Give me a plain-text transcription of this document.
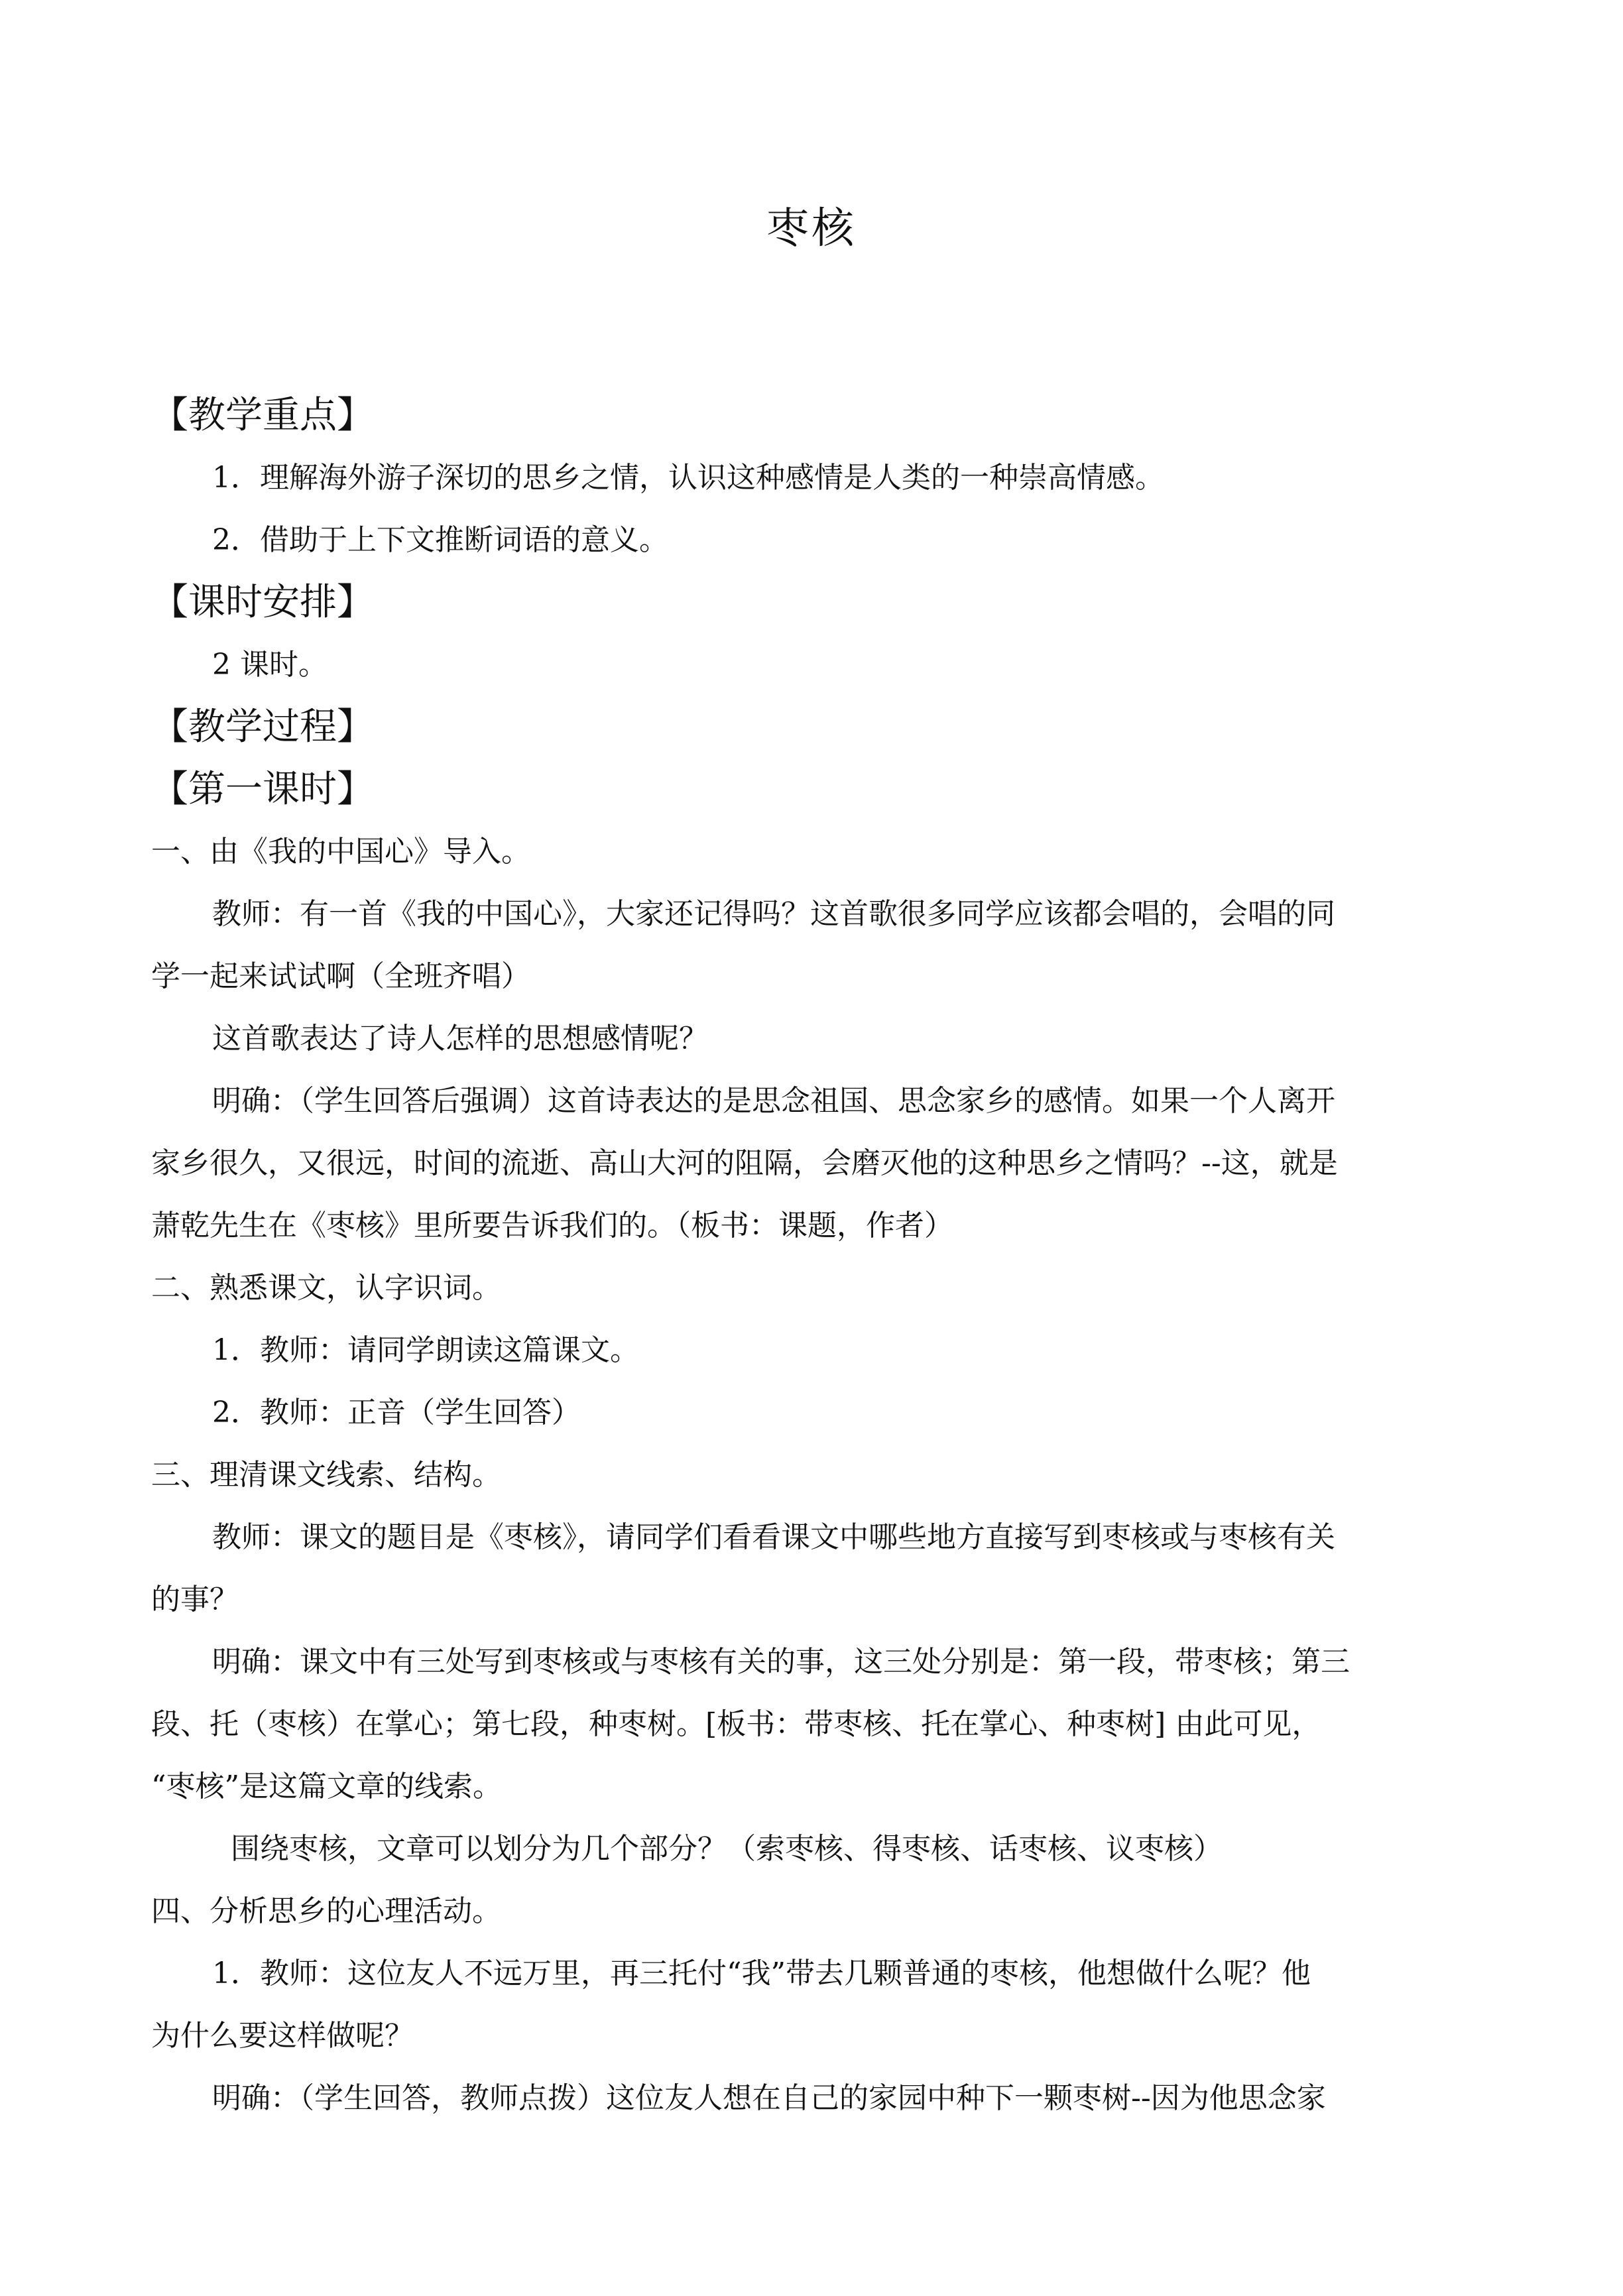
枣核
【教学重点】
1．理解海外游子深切的思乡之情，认识这种感情是人类的一种崇高情感。
2．借助于上下文推断词语的意义。
【课时安排】
2 课时。
【教学过程】
【第一课时】
一、由《我的中国心》导入。
教师：有一首《我的中国心》，大家还记得吗？这首歌很多同学应该都会唱的，会唱的同
学一起来试试啊（全班齐唱）
这首歌表达了诗人怎样的思想感情呢？
明确：（学生回答后强调）这首诗表达的是思念祖国、思念家乡的感情。如果一个人离开
家乡很久，又很远，时间的流逝、高山大河的阻隔，会磨灭他的这种思乡之情吗？--这，就是
萧乾先生在《枣核》里所要告诉我们的。（板书：课题，作者）
二、熟悉课文，认字识词。
1．教师：请同学朗读这篇课文。
2．教师：正音（学生回答）
三、理清课文线索、结构。
教师：课文的题目是《枣核》，请同学们看看课文中哪些地方直接写到枣核或与枣核有关
的事？
明确：课文中有三处写到枣核或与枣核有关的事，这三处分别是：第一段，带枣核；第三
段、托（枣核）在掌心；第七段，种枣树。[板书：带枣核、托在掌心、种枣树] 由此可见，
“枣核”是这篇文章的线索。
围绕枣核，文章可以划分为几个部分？（索枣核、得枣核、话枣核、议枣核）
四、分析思乡的心理活动。
1．教师：这位友人不远万里，再三托付“我”带去几颗普通的枣核，他想做什么呢？他
为什么要这样做呢？
明确：（学生回答，教师点拨）这位友人想在自己的家园中种下一颗枣树--因为他思念家
